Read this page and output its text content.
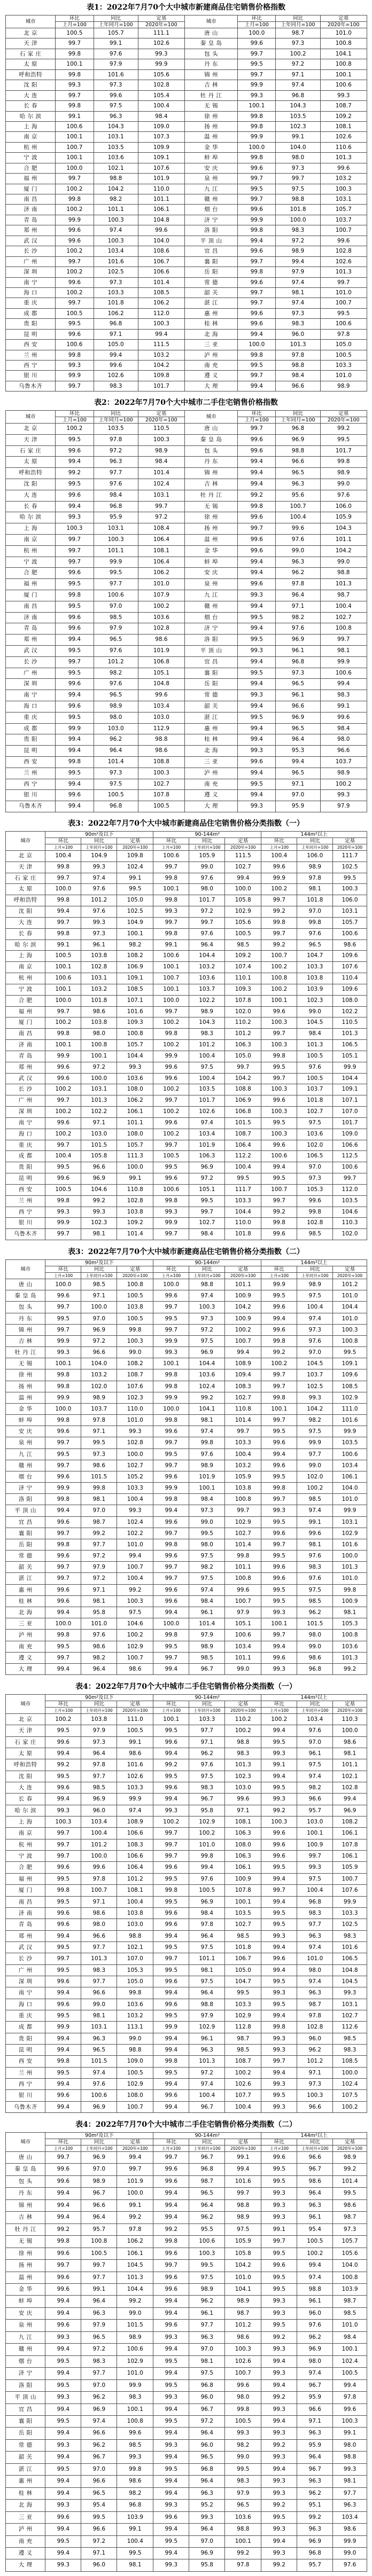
表1：2022年7月70个大中城市新建商品住宅销售价格指数
城市	环比	同比	定基	城市	环比	同比	定基
	上月=100	上年同月=100	2020年=100		上月=100	上年同月=100	2020年=100
北 京	100.5	105.7	111.1	唐 山	100.0	98.7	101.0
天 津	99.7	99.1	102.6	秦 皇 岛	99.6	97.3	100.8
石 家 庄	99.8	97.6	99.3	包 头	99.7	100.2	104.1
太 原	100.1	97.9	99.9	丹 东	99.5	97.2	100.8
呼和浩特	99.8	101.6	105.6	锦 州	99.7	97.1	100.1
沈 阳	99.3	97.3	102.8	吉 林	99.9	97.4	100.6
大 连	99.7	99.6	105.4	牡 丹 江	99.3	96.8	99.3
长 春	99.8	97.5	100.4	无 锡	100.1	104.3	108.7
哈 尔 滨	99.1	96.3	98.4	徐 州	99.8	103.5	109.2
上 海	100.6	104.3	109.0	扬 州	99.8	102.3	108.1
南 京	100.1	103.1	107.3	温 州	99.9	99.1	102.6
杭 州	100.7	103.5	109.9	金 华	100.0	104.0	110.6
宁 波	100.1	103.6	109.1	蚌 埠	99.8	98.0	101.3
合 肥	100.0	102.1	107.6	安 庆	99.6	97.3	99.6
福 州	99.7	98.8	101.9	泉 州	99.7	99.7	103.2
厦 门	100.2	104.2	110.0	九 江	99.5	97.5	100.3
南 昌	99.8	98.2	101.1	赣 州	99.7	98.8	103.1
济 南	100.2	101.1	106.1	烟 台	99.6	101.8	105.7
青 岛	99.9	100.3	104.8	济 宁	99.9	100.0	103.7
郑 州	99.6	97.4	99.6	洛 阳	99.8	98.3	100.7
武 汉	99.6	100.3	104.0	平 顶 山	99.4	97.2	99.6
长 沙	100.2	103.4	108.6	宜 昌	99.6	98.9	102.8
广 州	99.7	101.6	106.7	襄 阳	99.7	99.4	102.6
深 圳	100.2	102.5	106.6	岳 阳	99.8	97.9	101.3
南 宁	99.6	97.3	101.4	常 德	99.6	97.4	99.7
海 口	100.2	103.3	108.5	韶 关	99.7	98.1	101.0
重 庆	99.7	101.8	106.2	湛 江	99.7	97.4	100.7
成 都	100.5	106.2	112.0	惠 州	99.6	97.3	99.5
贵 阳	99.5	96.8	100.3	桂 林	99.6	98.3	100.6
昆 明	99.6	97.1	99.4	北 海	99.4	96.0	97.8
西 安	100.6	105.0	111.5	三 亚	100.0	101.3	105.0
兰 州	99.8	99.4	103.2	泸 州	99.8	97.8	100.5
西 宁	99.3	99.6	104.2	南 充	99.5	98.8	103.3
银 川	99.9	102.6	109.8	遵 义	99.7	98.4	101.0
乌鲁木齐	99.7	98.3	101.7	大 理	99.4	96.6	98.9
表2：2022年7月70个大中城市二手住宅销售价格指数
城市	环比	同比	定基	城市	环比	同比	定基
	上月=100	上年同月=100	2020年=100		上月=100	上年同月=100	2020年=100
北 京	100.2	103.5	110.5	唐 山	99.7	96.8	99.2
天 津	99.5	97.8	100.3	秦 皇 岛	99.6	96.9	99.5
石 家 庄	99.6	97.2	98.9	包 头	99.6	98.8	101.7
太 原	99.4	96.3	98.4	丹 东	99.4	96.6	99.8
呼和浩特	99.2	97.7	101.4	锦 州	99.4	96.5	98.9
沈 阳	99.5	97.6	102.4	吉 林	99.4	96.3	99.0
大 连	99.6	98.4	103.1	牡 丹 江	99.2	95.6	97.6
长 春	99.4	96.8	99.7	无 锡	99.8	100.7	106.0
哈 尔 滨	99.3	95.9	97.2	徐 州	99.6	100.4	105.9
上 海	100.3	103.1	108.4	扬 州	99.7	99.6	104.3
南 京	99.7	100.3	106.4	温 州	99.6	97.6	101.1
杭 州	99.7	101.1	108.1	金 华	99.6	99.0	104.2
宁 波	99.7	99.9	106.4	蚌 埠	99.4	96.3	99.0
合 肥	99.6	99.5	106.2	安 庆	99.4	96.2	98.8
福 州	99.5	97.7	101.0	泉 州	99.6	97.8	101.3
厦 门	99.8	100.6	107.9	九 江	99.3	96.4	98.7
南 昌	99.5	97.0	100.2	赣 州	99.4	97.1	100.4
济 南	99.6	98.5	103.6	烟 台	99.5	98.2	102.7
青 岛	99.6	97.9	102.8	济 宁	99.4	97.6	100.8
郑 州	99.4	96.5	98.6	洛 阳	99.5	96.9	99.7
武 汉	99.5	97.6	101.9	平 顶 山	99.3	96.1	98.1
长 沙	99.7	101.2	106.8	宜 昌	99.4	96.8	99.9
广 州	99.5	98.2	105.1	襄 阳	99.5	97.3	100.6
深 圳	99.6	97.6	104.8	岳 阳	99.4	96.5	99.4
南 宁	99.4	96.5	99.6	常 德	99.3	96.1	98.3
海 口	99.6	98.9	103.4	韶 关	99.4	96.6	99.1
重 庆	99.5	98.0	103.0	湛 江	99.5	96.9	99.6
成 都	99.9	103.0	112.9	惠 州	99.4	96.5	98.4
贵 阳	99.4	96.2	98.8	桂 林	99.4	96.4	98.0
昆 明	99.4	96.4	98.6	北 海	99.3	95.3	96.6
西 安	99.8	101.4	108.8	三 亚	99.6	99.4	103.7
兰 州	99.5	97.3	100.3	泸 州	99.4	96.5	98.9
西 宁	99.4	97.5	102.7	南 充	99.5	97.1	100.2
银 川	99.6	100.5	107.8	遵 义	99.4	97.0	99.3
乌鲁木齐	99.4	96.8	100.5	大 理	99.3	95.9	97.9
表3：2022年7月70个大中城市新建商品住宅销售价格分类指数（一）
城市	90m²及以下			90-144m²			144m²以上		
	环比	同比	定基	环比	同比	定基	环比	同比	定基
	上月=100	上年同月=100	2020年=100	上月=100	上年同月=100	2020年=100	上月=100	上年同月=100	2020年=100
北 京	100.4	104.9	109.8	100.6	105.9	111.5	100.4	106.0	111.7
天 津	99.8	99.3	102.4	99.7	99.0	102.7	99.6	98.9	102.5
石 家 庄	99.7	97.4	99.1	99.8	97.6	99.4	99.9	97.8	99.5
太 原	100.0	97.6	99.5	100.1	98.0	100.0	100.2	98.1	100.3
呼和浩特	99.8	101.2	105.0	99.8	101.7	105.8	99.7	101.8	106.0
沈 阳	99.4	97.6	102.5	99.3	97.2	102.9	99.2	97.0	103.1
大 连	99.7	99.3	104.9	99.7	99.7	105.6	99.8	99.8	105.7
长 春	99.8	97.3	100.1	99.8	97.6	100.5	99.7	97.6	100.6
哈 尔 滨	99.1	96.1	98.2	99.1	96.4	98.5	99.2	96.5	98.6
上 海	100.5	103.8	108.2	100.6	104.4	109.2	100.7	104.7	109.6
南 京	100.1	102.8	106.9	100.1	103.2	107.4	100.2	103.3	107.6
杭 州	100.6	103.1	109.1	100.7	103.6	110.1	100.8	103.8	110.4
宁 波	100.1	103.2	108.5	100.1	103.7	109.3	100.2	103.9	109.6
合 肥	100.0	101.8	107.1	100.0	102.2	107.8	100.1	102.3	108.0
福 州	99.7	98.6	101.6	99.7	98.9	102.0	99.6	99.0	102.2
厦 门	100.2	103.8	109.3	100.2	104.3	110.2	100.3	104.5	110.5
南 昌	99.8	98.0	100.8	99.8	98.3	101.2	99.7	98.4	101.3
济 南	100.1	100.8	105.7	100.2	101.2	106.3	100.3	101.3	106.5
青 岛	99.9	100.1	104.4	99.9	100.4	105.0	99.8	100.5	105.1
郑 州	99.6	97.2	99.3	99.6	97.5	99.7	99.5	97.6	99.9
武 汉	99.6	100.0	103.6	99.6	100.4	104.2	99.7	100.5	104.4
长 沙	100.2	103.1	108.0	100.2	103.5	108.8	100.3	103.7	109.1
广 州	99.7	101.3	106.2	99.7	101.7	106.9	99.6	101.8	107.1
深 圳	100.2	102.2	106.1	100.2	102.6	106.8	100.3	102.7	107.0
南 宁	99.6	97.1	101.1	99.6	97.4	101.5	99.5	97.5	101.7
海 口	100.2	103.0	108.0	100.2	103.4	108.7	100.3	103.6	109.0
重 庆	99.7	101.5	105.7	99.7	101.9	106.4	99.6	102.0	106.6
成 都	100.4	105.8	111.3	100.5	106.3	112.2	100.6	106.5	112.5
贵 阳	99.5	96.6	100.0	99.5	96.9	100.4	99.4	97.0	100.6
昆 明	99.6	96.9	99.1	99.6	97.2	99.5	99.5	97.3	99.7
西 安	100.5	104.6	110.8	100.6	105.1	111.7	100.7	105.3	112.0
兰 州	99.8	99.2	102.8	99.8	99.5	103.3	99.7	99.6	103.5
西 宁	99.3	99.3	103.8	99.3	99.7	104.4	99.2	99.8	104.6
银 川	99.9	102.3	109.2	99.9	102.7	110.0	99.8	102.8	110.3
乌鲁木齐	99.7	98.1	101.4	99.7	98.4	101.8	99.6	98.5	102.0
表3：2022年7月70个大中城市新建商品住宅销售价格分类指数（二）
城市	90m²及以下			90-144m²			144m²以上		
	环比	同比	定基	环比	同比	定基	环比	同比	定基
	上月=100	上年同月=100	2020年=100	上月=100	上年同月=100	2020年=100	上月=100	上年同月=100	2020年=100
唐 山	100.0	98.5	100.8	100.0	98.8	101.1	99.9	98.9	101.2
秦 皇 岛	99.6	97.1	100.5	99.6	97.4	100.9	99.5	97.5	101.0
包 头	99.7	100.0	103.8	99.7	100.3	104.2	99.6	100.4	104.4
丹 东	99.5	97.0	100.5	99.5	97.3	100.9	99.4	97.4	101.0
锦 州	99.7	96.9	99.8	99.7	97.2	100.2	99.6	97.3	100.3
吉 林	99.9	97.2	100.3	99.9	97.5	100.7	99.8	97.6	100.8
牡 丹 江	99.3	96.6	99.0	99.3	96.9	99.4	99.2	97.0	99.5
无 锡	100.1	104.0	108.2	100.1	104.4	108.9	100.2	104.5	109.1
徐 州	99.8	103.2	108.7	99.8	103.6	109.4	99.7	103.7	109.6
扬 州	99.8	102.0	107.6	99.8	102.4	108.3	99.7	102.5	108.5
温 州	99.9	98.9	102.3	99.9	99.2	102.7	99.8	99.3	102.9
金 华	100.0	103.7	110.0	100.0	104.1	110.8	100.1	104.2	111.0
蚌 埠	99.8	97.8	101.0	99.8	98.1	101.4	99.7	98.2	101.6
安 庆	99.6	97.1	99.3	99.6	97.4	99.7	99.5	97.5	99.9
泉 州	99.7	99.5	102.8	99.7	99.8	103.3	99.6	99.9	103.5
九 江	99.5	97.3	100.0	99.5	97.6	100.4	99.4	97.7	100.6
赣 州	99.7	98.6	102.7	99.7	98.9	103.2	99.6	99.0	103.4
烟 台	99.6	101.5	105.2	99.6	101.9	105.9	99.5	102.0	106.1
济 宁	99.9	99.8	103.3	99.9	100.1	103.8	99.8	100.2	104.0
洛 阳	99.8	98.1	100.4	99.8	98.4	100.8	99.7	98.5	101.0
平 顶 山	99.4	97.0	99.3	99.4	97.3	99.7	99.3	97.4	99.9
宜 昌	99.6	98.7	102.4	99.6	99.0	102.9	99.5	99.1	103.1
襄 阳	99.7	99.2	102.2	99.7	99.5	102.7	99.6	99.6	102.9
岳 阳	99.8	97.7	101.0	99.8	98.0	101.4	99.7	98.1	101.6
常 德	99.6	97.2	99.4	99.6	97.5	99.8	99.5	97.6	100.0
韶 关	99.7	97.9	100.7	99.7	98.2	101.1	99.6	98.3	101.3
湛 江	99.7	97.2	100.4	99.7	97.5	100.8	99.6	97.6	101.0
惠 州	99.6	97.1	99.2	99.6	97.4	99.6	99.5	97.5	99.8
桂 林	99.6	98.1	100.3	99.6	98.4	100.7	99.5	98.5	100.9
北 海	99.4	95.8	97.5	99.4	96.1	97.9	99.3	96.2	98.1
三 亚	100.0	101.0	104.6	100.0	101.4	105.1	100.1	101.5	105.3
泸 州	99.8	97.6	100.2	99.8	97.9	100.6	99.7	98.0	100.8
南 充	99.5	98.6	102.9	99.5	98.9	103.4	99.4	99.0	103.6
遵 义	99.7	98.2	100.7	99.7	98.5	101.1	99.6	98.6	101.3
大 理	99.4	96.4	98.6	99.4	96.7	99.0	99.3	96.8	99.2
表4：2022年7月70个大中城市二手住宅销售价格分类指数（一）
城市	90m²及以下			90-144m²			144m²以上		
	环比	同比	定基	环比	同比	定基	环比	同比	定基
	上月=100	上年同月=100	2020年=100	上月=100	上年同月=100	2020年=100	上月=100	上年同月=100	2020年=100
北 京	100.2	103.8	111.0	100.1	103.3	110.2	100.2	103.4	110.3
天 津	99.5	97.9	100.5	99.5	97.7	100.2	99.4	97.6	100.0
石 家 庄	99.6	97.3	99.1	99.6	97.1	98.8	99.5	97.0	98.6
太 原	99.4	96.4	98.6	99.4	96.2	98.3	99.3	96.1	98.1
呼和浩特	99.2	97.8	101.6	99.2	97.6	101.3	99.1	97.5	101.1
沈 阳	99.5	97.7	102.6	99.5	97.5	102.3	99.4	97.4	102.1
大 连	99.6	98.5	103.3	99.6	98.3	103.0	99.5	98.2	102.8
长 春	99.4	96.9	99.9	99.4	96.7	99.6	99.3	96.6	99.4
哈 尔 滨	99.3	96.0	97.4	99.3	95.8	97.1	99.2	95.7	96.9
上 海	100.3	103.4	108.9	100.2	102.9	108.1	100.3	103.0	108.2
南 京	99.7	100.4	106.6	99.7	100.2	106.3	99.6	100.1	106.1
杭 州	99.7	101.2	108.3	99.7	101.0	108.0	99.6	100.9	107.8
宁 波	99.7	100.0	106.6	99.7	99.8	106.3	99.6	99.7	106.1
合 肥	99.6	99.6	106.4	99.6	99.4	106.1	99.5	99.3	105.9
福 州	99.5	97.8	101.2	99.5	97.6	100.9	99.4	97.5	100.7
厦 门	99.8	100.7	108.1	99.8	100.5	107.8	99.7	100.4	107.6
南 昌	99.5	97.1	100.4	99.5	96.9	100.1	99.4	96.8	99.9
济 南	99.6	98.6	103.8	99.6	98.4	103.5	99.5	98.3	103.3
青 岛	99.6	98.0	103.0	99.6	97.8	102.7	99.5	97.7	102.5
郑 州	99.4	96.6	98.8	99.4	96.4	98.5	99.3	96.3	98.3
武 汉	99.5	97.7	102.1	99.5	97.5	101.8	99.4	97.4	101.6
长 沙	99.7	101.3	107.0	99.7	101.1	106.7	99.6	101.0	106.5
广 州	99.5	98.3	105.3	99.5	98.1	105.0	99.4	98.0	104.8
深 圳	99.6	97.7	105.0	99.6	97.5	104.7	99.5	97.4	104.5
南 宁	99.4	96.6	99.8	99.4	96.4	99.5	99.3	96.3	99.3
海 口	99.6	99.0	103.6	99.6	98.8	103.3	99.5	98.7	103.1
重 庆	99.5	98.1	103.2	99.5	97.9	102.9	99.4	97.8	102.7
成 都	99.9	103.1	113.1	99.9	102.9	112.8	99.8	102.8	112.6
贵 阳	99.4	96.3	99.0	99.4	96.1	98.7	99.3	96.0	98.5
昆 明	99.4	96.5	98.8	99.4	96.3	98.5	99.3	96.2	98.3
西 安	99.8	101.5	109.0	99.8	101.3	108.7	99.7	101.2	108.5
兰 州	99.5	97.4	100.5	99.5	97.2	100.2	99.4	97.1	100.0
西 宁	99.4	97.6	102.9	99.4	97.4	102.6	99.3	97.3	102.4
银 川	99.6	100.6	108.0	99.6	100.4	107.7	99.5	100.3	107.5
乌鲁木齐	99.4	96.9	100.7	99.4	96.7	100.4	99.3	96.6	100.2
表4：2022年7月70个大中城市二手住宅销售价格分类指数（二）
城市	90m²及以下			90-144m²			144m²以上		
	环比	同比	定基	环比	同比	定基	环比	同比	定基
	上月=100	上年同月=100	2020年=100	上月=100	上年同月=100	2020年=100	上月=100	上年同月=100	2020年=100
唐 山	99.7	96.9	99.4	99.7	96.7	99.1	99.6	96.6	98.9
秦 皇 岛	99.6	97.0	99.7	99.6	96.8	99.4	99.5	96.7	99.2
包 头	99.6	98.9	101.9	99.6	98.7	101.6	99.5	98.6	101.4
丹 东	99.4	96.7	100.0	99.4	96.5	99.7	99.3	96.4	99.5
锦 州	99.4	96.6	99.1	99.4	96.4	98.8	99.3	96.3	98.6
吉 林	99.4	96.4	99.2	99.4	96.2	98.9	99.3	96.1	98.7
牡 丹 江	99.2	95.7	97.8	99.2	95.5	97.5	99.1	95.4	97.3
无 锡	99.8	100.8	106.2	99.8	100.6	105.9	99.7	100.5	105.7
徐 州	99.6	100.5	106.1	99.6	100.3	105.8	99.5	100.2	105.6
扬 州	99.7	99.7	104.5	99.7	99.5	104.2	99.6	99.4	104.0
温 州	99.6	97.7	101.3	99.6	97.5	101.0	99.5	97.4	100.8
金 华	99.6	99.1	104.4	99.6	98.9	104.1	99.5	98.8	103.9
蚌 埠	99.4	96.4	99.2	99.4	96.2	98.9	99.3	96.1	98.7
安 庆	99.4	96.3	99.0	99.4	96.1	98.7	99.3	96.0	98.5
泉 州	99.6	97.9	101.5	99.6	97.7	101.2	99.5	97.6	101.0
九 江	99.3	96.5	98.9	99.3	96.3	98.6	99.2	96.2	98.4
赣 州	99.4	97.2	100.6	99.4	97.0	100.3	99.3	96.9	100.1
烟 台	99.5	98.3	102.9	99.5	98.1	102.6	99.4	98.0	102.4
济 宁	99.4	97.7	101.0	99.4	97.5	100.7	99.3	97.4	100.5
洛 阳	99.5	97.0	99.9	99.5	96.8	99.6	99.4	96.7	99.4
平 顶 山	99.3	96.2	98.3	99.3	96.0	98.0	99.2	95.9	97.8
宜 昌	99.4	96.9	100.1	99.4	96.7	99.8	99.3	96.6	99.6
襄 阳	99.5	97.4	100.8	99.5	97.2	100.5	99.4	97.1	100.3
岳 阳	99.4	96.6	99.6	99.4	96.4	99.3	99.3	96.3	99.1
常 德	99.3	96.2	98.5	99.3	96.0	98.2	99.2	95.9	98.0
韶 关	99.4	96.7	99.3	99.4	96.5	99.0	99.3	96.4	98.8
湛 江	99.5	97.0	99.8	99.5	96.8	99.5	99.4	96.7	99.3
惠 州	99.4	96.6	98.6	99.4	96.4	98.3	99.3	96.3	98.1
桂 林	99.4	96.5	98.2	99.4	96.3	97.9	99.3	96.2	97.7
北 海	99.3	95.4	96.8	99.3	95.2	96.5	99.2	95.1	96.3
三 亚	99.6	99.5	103.9	99.6	99.3	103.6	99.5	99.2	103.4
泸 州	99.4	96.6	99.1	99.4	96.4	98.8	99.3	96.3	98.6
南 充	99.5	97.2	100.4	99.5	97.0	100.1	99.4	96.9	99.9
遵 义	99.4	97.1	99.5	99.4	96.9	99.2	99.3	96.8	99.0
大 理	99.3	96.0	98.1	99.3	95.8	97.8	99.2	95.7	97.6
